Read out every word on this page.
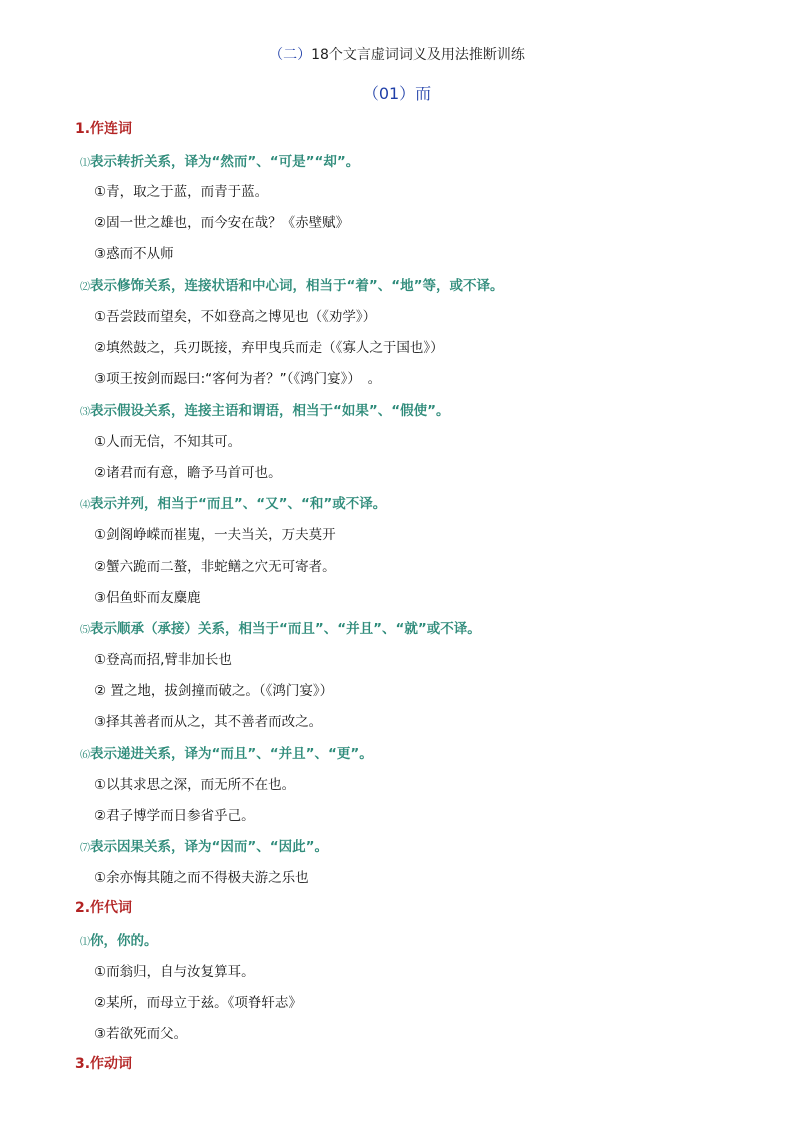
（二）18个文言虚词词义及用法推断训练
（01）而
1.作连词
⑴表示转折关系，译为“然而”、“可是”“却”。
①青，取之于蓝，而青于蓝。
②固一世之雄也，而今安在哉？《赤壁赋》
③惑而不从师
⑵表示修饰关系，连接状语和中心词，相当于“着”、“地”等，或不译。
①吾尝跂而望矣，不如登高之博见也（《劝学》）
②填然鼓之，兵刃既接，弃甲曳兵而走（《寡人之于国也》）
③项王按剑而跽曰:“客何为者？”（《鸿门宴》）　。
⑶表示假设关系，连接主语和谓语，相当于“如果”、“假使”。
①人而无信，不知其可。
②诸君而有意，瞻予马首可也。
⑷表示并列，相当于“而且”、“又”、“和”或不译。
①剑阁峥嵘而崔嵬，一夫当关，万夫莫开
②蟹六跪而二螯，非蛇鳝之穴无可寄者。
③侣鱼虾而友麋鹿
⑸表示顺承（承接）关系，相当于“而且”、“并且”、“就”或不译。
①登高而招,臂非加长也
② 置之地，拔剑撞而破之。（《鸿门宴》）
③择其善者而从之，其不善者而改之。
⑹表示递进关系，译为“而且”、“并且”、“更”。
①以其求思之深，而无所不在也。
②君子博学而日参省乎己。
⑺表示因果关系，译为“因而”、“因此”。
①余亦悔其随之而不得极夫游之乐也
2.作代词
⑴你，你的。
①而翁归，自与汝复算耳。
②某所，而母立于兹。《项脊轩志》
③若欲死而父。
3.作动词
